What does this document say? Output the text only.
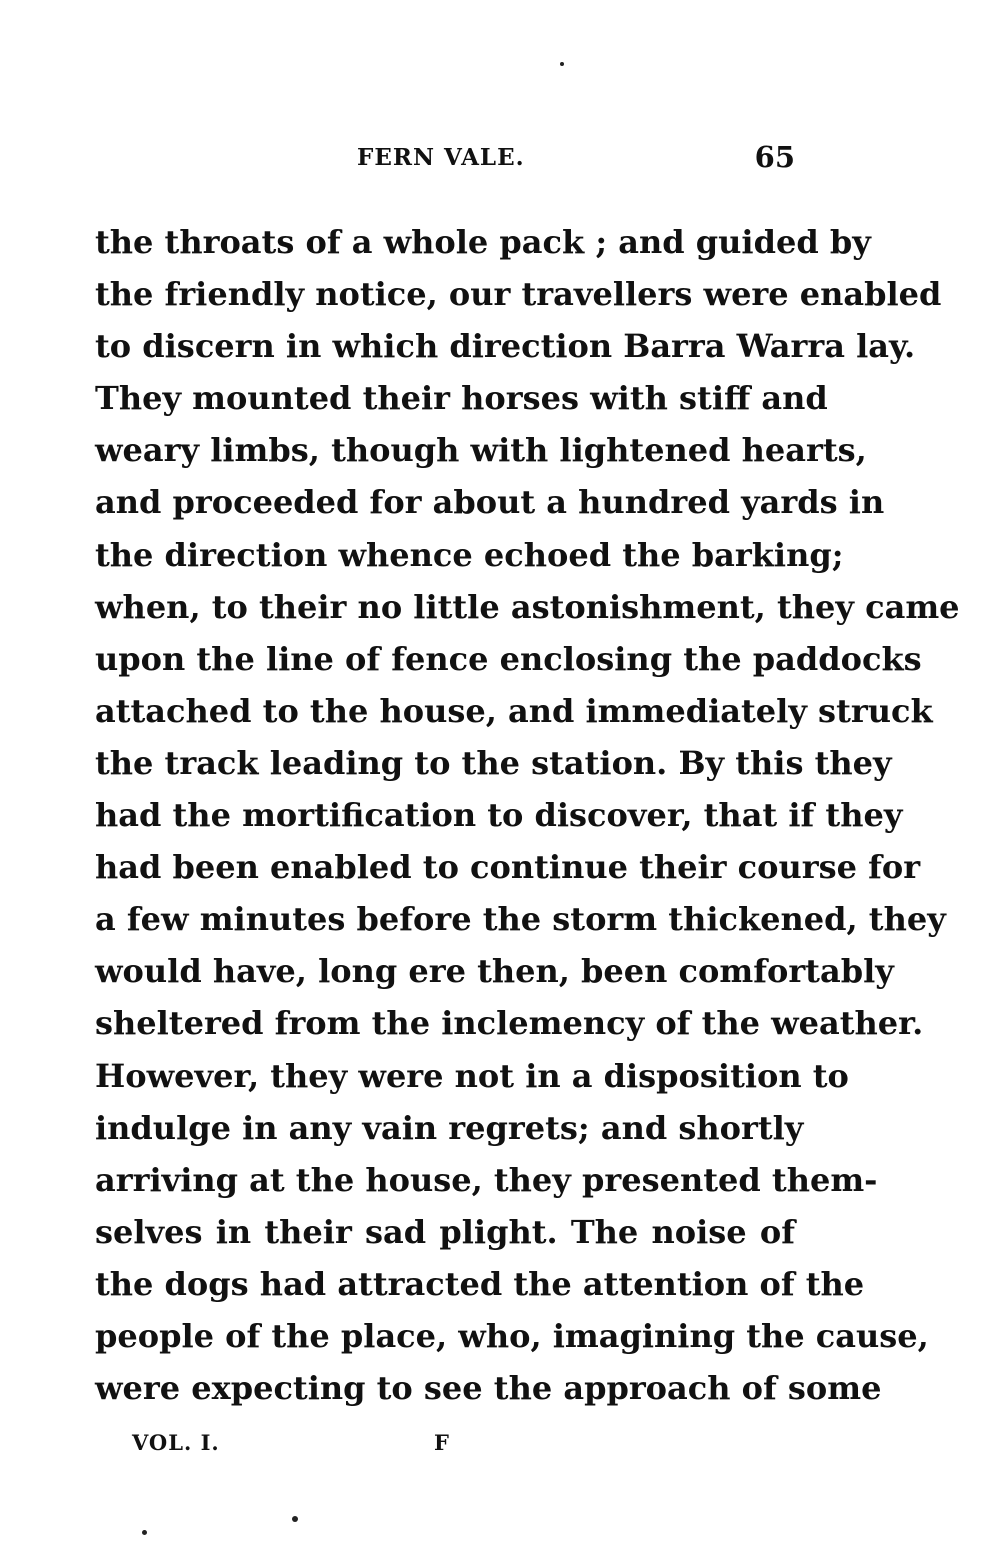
FERN VALE.	65
the throats of a whole pack ; and guided by
the friendly notice, our travellers were enabled
to discern in which direction Barra Warra lay.
They mounted their horses with stiff and
weary limbs, though with lightened hearts,
and proceeded for about a hundred yards in
the direction whence echoed the barking;
when, to their no little astonishment, they came
upon the line of fence enclosing the paddocks
attached to the house, and immediately struck
the track leading to the station. By this they
had the mortification to discover, that if they
had been enabled to continue their course for
a few minutes before the storm thickened, they
would have, long ere then, been comfortably
sheltered from the inclemency of the weather.
However, they were not in a disposition to
indulge in any vain regrets; and shortly
arriving at the house, they presented them-
selves in their sad plight. The noise of
the dogs had attracted the attention of the
people of the place, who, imagining the cause,
were expecting to see the approach of some
VOL. I.	F
